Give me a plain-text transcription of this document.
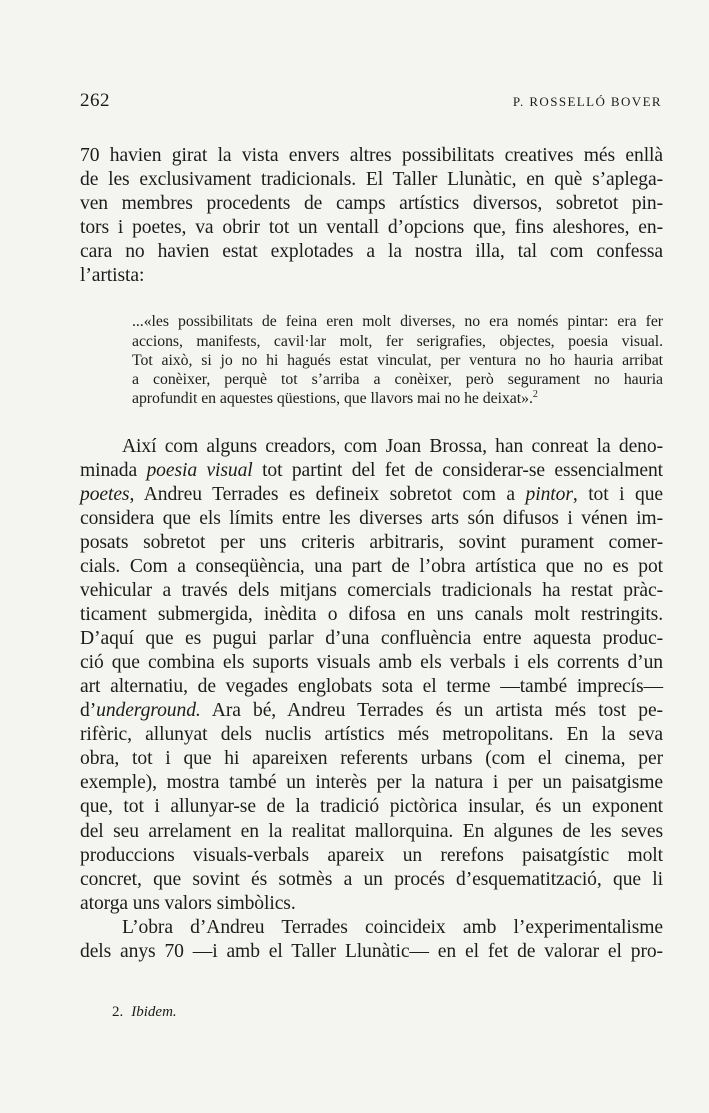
262	P. ROSSELLÓ BOVER
70 havien girat la vista envers altres possibilitats creatives més enllà
de les exclusivament tradicionals. El Taller Llunàtic, en què s’aplega-
ven membres procedents de camps artístics diversos, sobretot pin-
tors i poetes, va obrir tot un ventall d’opcions que, fins aleshores, en-
cara no havien estat explotades a la nostra illa, tal com confessa
l’artista:
...«les possibilitats de feina eren molt diverses, no era només pintar: era fer
accions, manifests, cavil·lar molt, fer serigrafies, objectes, poesia visual.
Tot això, si jo no hi hagués estat vinculat, per ventura no ho hauria arribat
a conèixer, perquè tot s’arriba a conèixer, però segurament no hauria
aprofundit en aquestes qüestions, que llavors mai no he deixat».$^2$
Així com alguns creadors, com Joan Brossa, han conreat la deno-
minada poesia visual tot partint del fet de considerar-se essencialment
poetes, Andreu Terrades es defineix sobretot com a pintor, tot i que
considera que els límits entre les diverses arts són difusos i vénen im-
posats sobretot per uns criteris arbitraris, sovint purament comer-
cials. Com a conseqüència, una part de l’obra artística que no es pot
vehicular a través dels mitjans comercials tradicionals ha restat pràc-
ticament submergida, inèdita o difosa en uns canals molt restringits.
D’aquí que es pugui parlar d’una confluència entre aquesta produc-
ció que combina els suports visuals amb els verbals i els corrents d’un
art alternatiu, de vegades englobats sota el terme —també imprecís—
d’underground. Ara bé, Andreu Terrades és un artista més tost pe-
rifèric, allunyat dels nuclis artístics més metropolitans. En la seva
obra, tot i que hi apareixen referents urbans (com el cinema, per
exemple), mostra també un interès per la natura i per un paisatgisme
que, tot i allunyar-se de la tradició pictòrica insular, és un exponent
del seu arrelament en la realitat mallorquina. En algunes de les seves
produccions visuals-verbals apareix un rerefons paisatgístic molt
concret, que sovint és sotmès a un procés d’esquematització, que li
atorga uns valors simbòlics.
L’obra d’Andreu Terrades coincideix amb l’experimentalisme
dels anys 70 —i amb el Taller Llunàtic— en el fet de valorar el pro-
2. Ibidem.
